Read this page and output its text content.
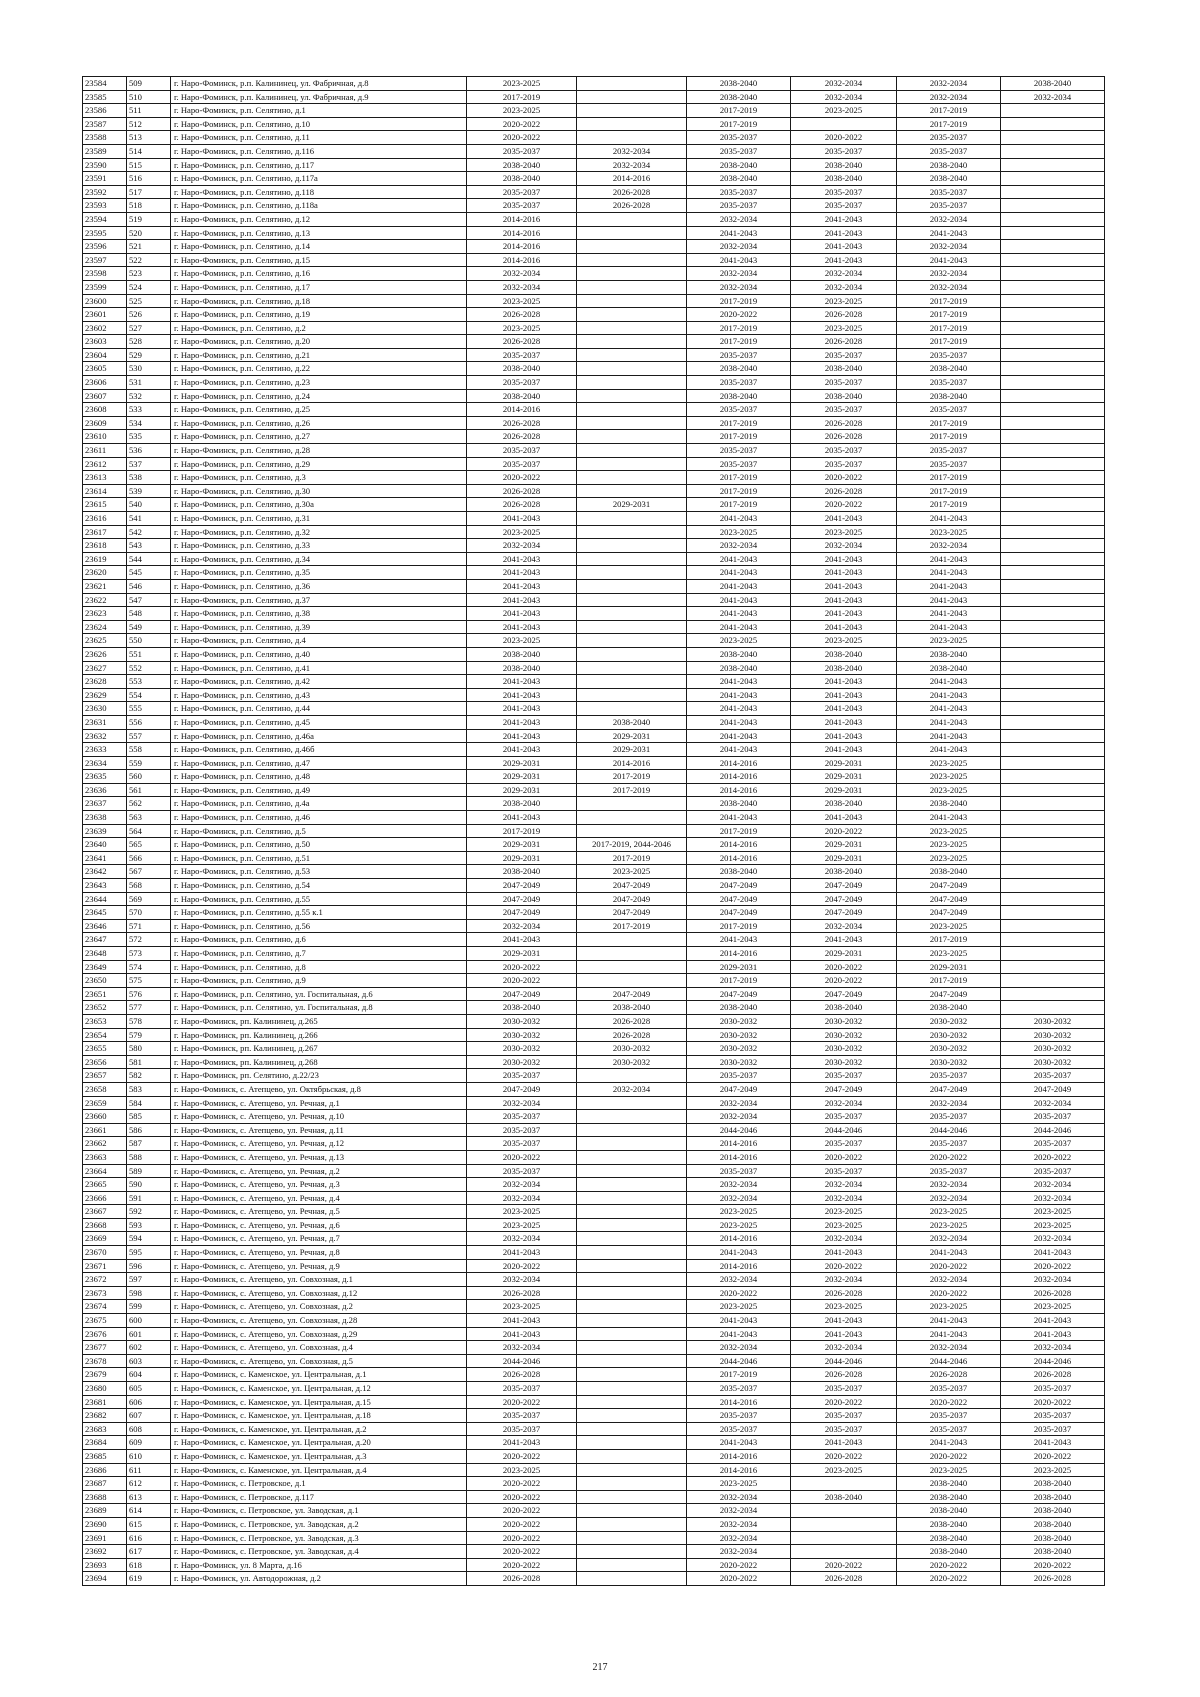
23584	509	г. Наро-Фоминск, р.п. Калининец, ул. Фабричная, д.8	2023-2025		2038-2040	2032-2034	2032-2034	2038-2040
23585	510	г. Наро-Фоминск, р.п. Калининец, ул. Фабричная, д.9	2017-2019		2038-2040	2032-2034	2032-2034	2032-2034
23586	511	г. Наро-Фоминск, р.п. Селятино, д.1	2023-2025		2017-2019	2023-2025	2017-2019	
23587	512	г. Наро-Фоминск, р.п. Селятино, д.10	2020-2022		2017-2019		2017-2019	
23588	513	г. Наро-Фоминск, р.п. Селятино, д.11	2020-2022		2035-2037	2020-2022	2035-2037	
23589	514	г. Наро-Фоминск, р.п. Селятино, д.116	2035-2037	2032-2034	2035-2037	2035-2037	2035-2037	
23590	515	г. Наро-Фоминск, р.п. Селятино, д.117	2038-2040	2032-2034	2038-2040	2038-2040	2038-2040	
23591	516	г. Наро-Фоминск, р.п. Селятино, д.117а	2038-2040	2014-2016	2038-2040	2038-2040	2038-2040	
23592	517	г. Наро-Фоминск, р.п. Селятино, д.118	2035-2037	2026-2028	2035-2037	2035-2037	2035-2037	
23593	518	г. Наро-Фоминск, р.п. Селятино, д.118а	2035-2037	2026-2028	2035-2037	2035-2037	2035-2037	
23594	519	г. Наро-Фоминск, р.п. Селятино, д.12	2014-2016		2032-2034	2041-2043	2032-2034	
23595	520	г. Наро-Фоминск, р.п. Селятино, д.13	2014-2016		2041-2043	2041-2043	2041-2043	
23596	521	г. Наро-Фоминск, р.п. Селятино, д.14	2014-2016		2032-2034	2041-2043	2032-2034	
23597	522	г. Наро-Фоминск, р.п. Селятино, д.15	2014-2016		2041-2043	2041-2043	2041-2043	
23598	523	г. Наро-Фоминск, р.п. Селятино, д.16	2032-2034		2032-2034	2032-2034	2032-2034	
23599	524	г. Наро-Фоминск, р.п. Селятино, д.17	2032-2034		2032-2034	2032-2034	2032-2034	
23600	525	г. Наро-Фоминск, р.п. Селятино, д.18	2023-2025		2017-2019	2023-2025	2017-2019	
23601	526	г. Наро-Фоминск, р.п. Селятино, д.19	2026-2028		2020-2022	2026-2028	2017-2019	
23602	527	г. Наро-Фоминск, р.п. Селятино, д.2	2023-2025		2017-2019	2023-2025	2017-2019	
23603	528	г. Наро-Фоминск, р.п. Селятино, д.20	2026-2028		2017-2019	2026-2028	2017-2019	
23604	529	г. Наро-Фоминск, р.п. Селятино, д.21	2035-2037		2035-2037	2035-2037	2035-2037	
23605	530	г. Наро-Фоминск, р.п. Селятино, д.22	2038-2040		2038-2040	2038-2040	2038-2040	
23606	531	г. Наро-Фоминск, р.п. Селятино, д.23	2035-2037		2035-2037	2035-2037	2035-2037	
23607	532	г. Наро-Фоминск, р.п. Селятино, д.24	2038-2040		2038-2040	2038-2040	2038-2040	
23608	533	г. Наро-Фоминск, р.п. Селятино, д.25	2014-2016		2035-2037	2035-2037	2035-2037	
23609	534	г. Наро-Фоминск, р.п. Селятино, д.26	2026-2028		2017-2019	2026-2028	2017-2019	
23610	535	г. Наро-Фоминск, р.п. Селятино, д.27	2026-2028		2017-2019	2026-2028	2017-2019	
23611	536	г. Наро-Фоминск, р.п. Селятино, д.28	2035-2037		2035-2037	2035-2037	2035-2037	
23612	537	г. Наро-Фоминск, р.п. Селятино, д.29	2035-2037		2035-2037	2035-2037	2035-2037	
23613	538	г. Наро-Фоминск, р.п. Селятино, д.3	2020-2022		2017-2019	2020-2022	2017-2019	
23614	539	г. Наро-Фоминск, р.п. Селятино, д.30	2026-2028		2017-2019	2026-2028	2017-2019	
23615	540	г. Наро-Фоминск, р.п. Селятино, д.30а	2026-2028	2029-2031	2017-2019	2020-2022	2017-2019	
23616	541	г. Наро-Фоминск, р.п. Селятино, д.31	2041-2043		2041-2043	2041-2043	2041-2043	
23617	542	г. Наро-Фоминск, р.п. Селятино, д.32	2023-2025		2023-2025	2023-2025	2023-2025	
23618	543	г. Наро-Фоминск, р.п. Селятино, д.33	2032-2034		2032-2034	2032-2034	2032-2034	
23619	544	г. Наро-Фоминск, р.п. Селятино, д.34	2041-2043		2041-2043	2041-2043	2041-2043	
23620	545	г. Наро-Фоминск, р.п. Селятино, д.35	2041-2043		2041-2043	2041-2043	2041-2043	
23621	546	г. Наро-Фоминск, р.п. Селятино, д.36	2041-2043		2041-2043	2041-2043	2041-2043	
23622	547	г. Наро-Фоминск, р.п. Селятино, д.37	2041-2043		2041-2043	2041-2043	2041-2043	
23623	548	г. Наро-Фоминск, р.п. Селятино, д.38	2041-2043		2041-2043	2041-2043	2041-2043	
23624	549	г. Наро-Фоминск, р.п. Селятино, д.39	2041-2043		2041-2043	2041-2043	2041-2043	
23625	550	г. Наро-Фоминск, р.п. Селятино, д.4	2023-2025		2023-2025	2023-2025	2023-2025	
23626	551	г. Наро-Фоминск, р.п. Селятино, д.40	2038-2040		2038-2040	2038-2040	2038-2040	
23627	552	г. Наро-Фоминск, р.п. Селятино, д.41	2038-2040		2038-2040	2038-2040	2038-2040	
23628	553	г. Наро-Фоминск, р.п. Селятино, д.42	2041-2043		2041-2043	2041-2043	2041-2043	
23629	554	г. Наро-Фоминск, р.п. Селятино, д.43	2041-2043		2041-2043	2041-2043	2041-2043	
23630	555	г. Наро-Фоминск, р.п. Селятино, д.44	2041-2043		2041-2043	2041-2043	2041-2043	
23631	556	г. Наро-Фоминск, р.п. Селятино, д.45	2041-2043	2038-2040	2041-2043	2041-2043	2041-2043	
23632	557	г. Наро-Фоминск, р.п. Селятино, д.46а	2041-2043	2029-2031	2041-2043	2041-2043	2041-2043	
23633	558	г. Наро-Фоминск, р.п. Селятино, д.46б	2041-2043	2029-2031	2041-2043	2041-2043	2041-2043	
23634	559	г. Наро-Фоминск, р.п. Селятино, д.47	2029-2031	2014-2016	2014-2016	2029-2031	2023-2025	
23635	560	г. Наро-Фоминск, р.п. Селятино, д.48	2029-2031	2017-2019	2014-2016	2029-2031	2023-2025	
23636	561	г. Наро-Фоминск, р.п. Селятино, д.49	2029-2031	2017-2019	2014-2016	2029-2031	2023-2025	
23637	562	г. Наро-Фоминск, р.п. Селятино, д.4а	2038-2040		2038-2040	2038-2040	2038-2040	
23638	563	г. Наро-Фоминск, р.п. Селятино, д.46	2041-2043		2041-2043	2041-2043	2041-2043	
23639	564	г. Наро-Фоминск, р.п. Селятино, д.5	2017-2019		2017-2019	2020-2022	2023-2025	
23640	565	г. Наро-Фоминск, р.п. Селятино, д.50	2029-2031	2017-2019, 2044-2046	2014-2016	2029-2031	2023-2025	
23641	566	г. Наро-Фоминск, р.п. Селятино, д.51	2029-2031	2017-2019	2014-2016	2029-2031	2023-2025	
23642	567	г. Наро-Фоминск, р.п. Селятино, д.53	2038-2040	2023-2025	2038-2040	2038-2040	2038-2040	
23643	568	г. Наро-Фоминск, р.п. Селятино, д.54	2047-2049	2047-2049	2047-2049	2047-2049	2047-2049	
23644	569	г. Наро-Фоминск, р.п. Селятино, д.55	2047-2049	2047-2049	2047-2049	2047-2049	2047-2049	
23645	570	г. Наро-Фоминск, р.п. Селятино, д.55 к.1	2047-2049	2047-2049	2047-2049	2047-2049	2047-2049	
23646	571	г. Наро-Фоминск, р.п. Селятино, д.56	2032-2034	2017-2019	2017-2019	2032-2034	2023-2025	
23647	572	г. Наро-Фоминск, р.п. Селятино, д.6	2041-2043		2041-2043	2041-2043	2017-2019	
23648	573	г. Наро-Фоминск, р.п. Селятино, д.7	2029-2031		2014-2016	2029-2031	2023-2025	
23649	574	г. Наро-Фоминск, р.п. Селятино, д.8	2020-2022		2029-2031	2020-2022	2029-2031	
23650	575	г. Наро-Фоминск, р.п. Селятино, д.9	2020-2022		2017-2019	2020-2022	2017-2019	
23651	576	г. Наро-Фоминск, р.п. Селятино, ул. Госпитальная, д.6	2047-2049	2047-2049	2047-2049	2047-2049	2047-2049	
23652	577	г. Наро-Фоминск, р.п. Селятино, ул. Госпитальная, д.8	2038-2040	2038-2040	2038-2040	2038-2040	2038-2040	
23653	578	г. Наро-Фоминск, рп. Калининец, д.265	2030-2032	2026-2028	2030-2032	2030-2032	2030-2032	2030-2032
23654	579	г. Наро-Фоминск, рп. Калининец, д.266	2030-2032	2026-2028	2030-2032	2030-2032	2030-2032	2030-2032
23655	580	г. Наро-Фоминск, рп. Калининец, д.267	2030-2032	2030-2032	2030-2032	2030-2032	2030-2032	2030-2032
23656	581	г. Наро-Фоминск, рп. Калининец, д.268	2030-2032	2030-2032	2030-2032	2030-2032	2030-2032	2030-2032
23657	582	г. Наро-Фоминск, рп. Селятино, д.22/23	2035-2037		2035-2037	2035-2037	2035-2037	2035-2037
23658	583	г. Наро-Фоминск, с. Атепцево, ул. Октябрьская, д.8	2047-2049	2032-2034	2047-2049	2047-2049	2047-2049	2047-2049
23659	584	г. Наро-Фоминск, с. Атепцево, ул. Речная, д.1	2032-2034		2032-2034	2032-2034	2032-2034	2032-2034
23660	585	г. Наро-Фоминск, с. Атепцево, ул. Речная, д.10	2035-2037		2032-2034	2035-2037	2035-2037	2035-2037
23661	586	г. Наро-Фоминск, с. Атепцево, ул. Речная, д.11	2035-2037		2044-2046	2044-2046	2044-2046	2044-2046
23662	587	г. Наро-Фоминск, с. Атепцево, ул. Речная, д.12	2035-2037		2014-2016	2035-2037	2035-2037	2035-2037
23663	588	г. Наро-Фоминск, с. Атепцево, ул. Речная, д.13	2020-2022		2014-2016	2020-2022	2020-2022	2020-2022
23664	589	г. Наро-Фоминск, с. Атепцево, ул. Речная, д.2	2035-2037		2035-2037	2035-2037	2035-2037	2035-2037
23665	590	г. Наро-Фоминск, с. Атепцево, ул. Речная, д.3	2032-2034		2032-2034	2032-2034	2032-2034	2032-2034
23666	591	г. Наро-Фоминск, с. Атепцево, ул. Речная, д.4	2032-2034		2032-2034	2032-2034	2032-2034	2032-2034
23667	592	г. Наро-Фоминск, с. Атепцево, ул. Речная, д.5	2023-2025		2023-2025	2023-2025	2023-2025	2023-2025
23668	593	г. Наро-Фоминск, с. Атепцево, ул. Речная, д.6	2023-2025		2023-2025	2023-2025	2023-2025	2023-2025
23669	594	г. Наро-Фоминск, с. Атепцево, ул. Речная, д.7	2032-2034		2014-2016	2032-2034	2032-2034	2032-2034
23670	595	г. Наро-Фоминск, с. Атепцево, ул. Речная, д.8	2041-2043		2041-2043	2041-2043	2041-2043	2041-2043
23671	596	г. Наро-Фоминск, с. Атепцево, ул. Речная, д.9	2020-2022		2014-2016	2020-2022	2020-2022	2020-2022
23672	597	г. Наро-Фоминск, с. Атепцево, ул. Совхозная, д.1	2032-2034		2032-2034	2032-2034	2032-2034	2032-2034
23673	598	г. Наро-Фоминск, с. Атепцево, ул. Совхозная, д.12	2026-2028		2020-2022	2026-2028	2020-2022	2026-2028
23674	599	г. Наро-Фоминск, с. Атепцево, ул. Совхозная, д.2	2023-2025		2023-2025	2023-2025	2023-2025	2023-2025
23675	600	г. Наро-Фоминск, с. Атепцево, ул. Совхозная, д.28	2041-2043		2041-2043	2041-2043	2041-2043	2041-2043
23676	601	г. Наро-Фоминск, с. Атепцево, ул. Совхозная, д.29	2041-2043		2041-2043	2041-2043	2041-2043	2041-2043
23677	602	г. Наро-Фоминск, с. Атепцево, ул. Совхозная, д.4	2032-2034		2032-2034	2032-2034	2032-2034	2032-2034
23678	603	г. Наро-Фоминск, с. Атепцево, ул. Совхозная, д.5	2044-2046		2044-2046	2044-2046	2044-2046	2044-2046
23679	604	г. Наро-Фоминск, с. Каменское, ул. Центральная, д.1	2026-2028		2017-2019	2026-2028	2026-2028	2026-2028
23680	605	г. Наро-Фоминск, с. Каменское, ул. Центральная, д.12	2035-2037		2035-2037	2035-2037	2035-2037	2035-2037
23681	606	г. Наро-Фоминск, с. Каменское, ул. Центральная, д.15	2020-2022		2014-2016	2020-2022	2020-2022	2020-2022
23682	607	г. Наро-Фоминск, с. Каменское, ул. Центральная, д.18	2035-2037		2035-2037	2035-2037	2035-2037	2035-2037
23683	608	г. Наро-Фоминск, с. Каменское, ул. Центральная, д.2	2035-2037		2035-2037	2035-2037	2035-2037	2035-2037
23684	609	г. Наро-Фоминск, с. Каменское, ул. Центральная, д.20	2041-2043		2041-2043	2041-2043	2041-2043	2041-2043
23685	610	г. Наро-Фоминск, с. Каменское, ул. Центральная, д.3	2020-2022		2014-2016	2020-2022	2020-2022	2020-2022
23686	611	г. Наро-Фоминск, с. Каменское, ул. Центральная, д.4	2023-2025		2014-2016	2023-2025	2023-2025	2023-2025
23687	612	г. Наро-Фоминск, с. Петровское, д.1	2020-2022		2023-2025		2038-2040	2038-2040
23688	613	г. Наро-Фоминск, с. Петровское, д.117	2020-2022		2032-2034	2038-2040	2038-2040	2038-2040
23689	614	г. Наро-Фоминск, с. Петровское, ул. Заводская, д.1	2020-2022		2032-2034		2038-2040	2038-2040
23690	615	г. Наро-Фоминск, с. Петровское, ул. Заводская, д.2	2020-2022		2032-2034		2038-2040	2038-2040
23691	616	г. Наро-Фоминск, с. Петровское, ул. Заводская, д.3	2020-2022		2032-2034		2038-2040	2038-2040
23692	617	г. Наро-Фоминск, с. Петровское, ул. Заводская, д.4	2020-2022		2032-2034		2038-2040	2038-2040
23693	618	г. Наро-Фоминск, ул. 8 Марта, д.16	2020-2022		2020-2022	2020-2022	2020-2022	2020-2022
23694	619	г. Наро-Фоминск, ул. Автодорожная, д.2	2026-2028		2020-2022	2026-2028	2020-2022	2026-2028
217
